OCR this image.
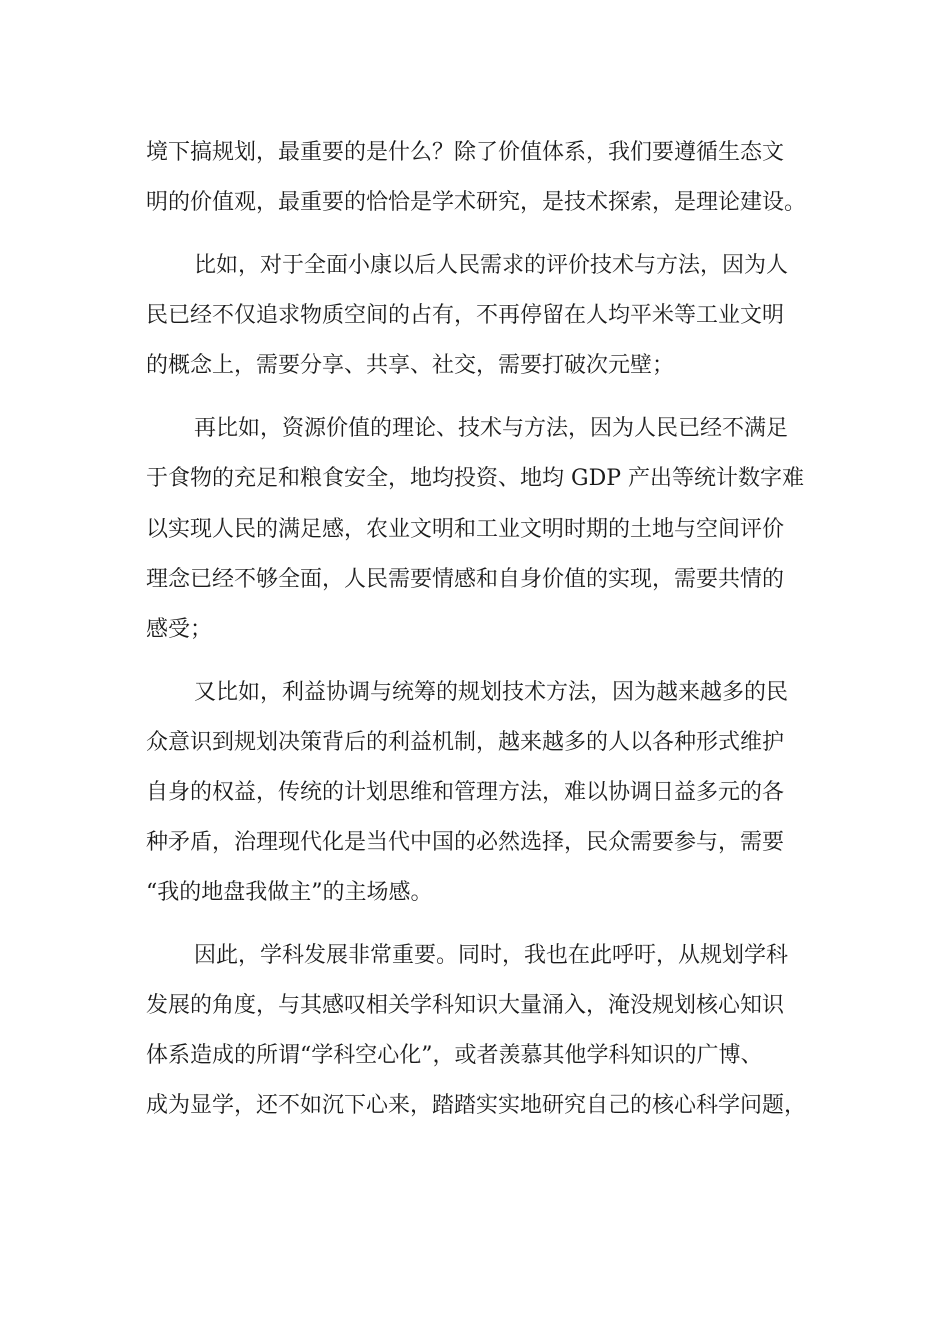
境下搞规划，最重要的是什么？除了价值体系，我们要遵循生态文
明的价值观，最重要的恰恰是学术研究，是技术探索，是理论建设。
比如，对于全面小康以后人民需求的评价技术与方法，因为人
民已经不仅追求物质空间的占有，不再停留在人均平米等工业文明
的概念上，需要分享、共享、社交，需要打破次元壁；
再比如，资源价值的理论、技术与方法，因为人民已经不满足
于食物的充足和粮食安全，地均投资、地均 GDP 产出等统计数字难
以实现人民的满足感，农业文明和工业文明时期的土地与空间评价
理念已经不够全面，人民需要情感和自身价值的实现，需要共情的
感受；
又比如，利益协调与统筹的规划技术方法，因为越来越多的民
众意识到规划决策背后的利益机制，越来越多的人以各种形式维护
自身的权益，传统的计划思维和管理方法，难以协调日益多元的各
种矛盾，治理现代化是当代中国的必然选择，民众需要参与，需要
“我的地盘我做主”的主场感。
因此，学科发展非常重要。同时，我也在此呼吁，从规划学科
发展的角度，与其感叹相关学科知识大量涌入，淹没规划核心知识
体系造成的所谓“学科空心化”，或者羡慕其他学科知识的广博、
成为显学，还不如沉下心来，踏踏实实地研究自己的核心科学问题，
